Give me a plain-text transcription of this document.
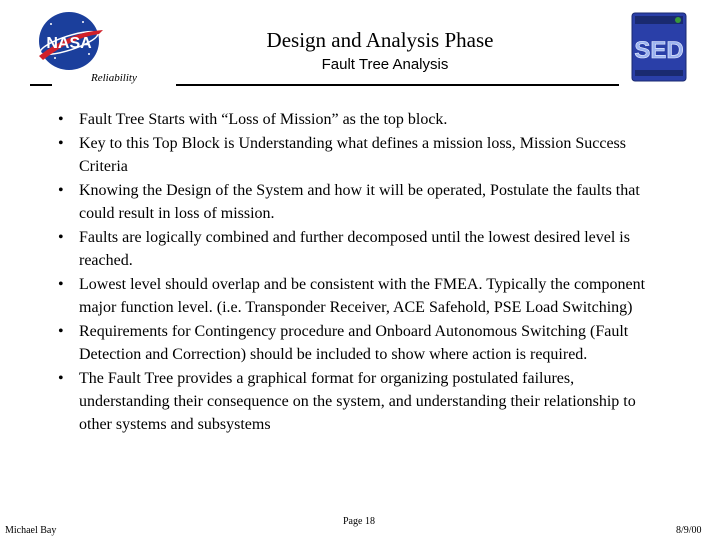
NASA	SED
Design and Analysis Phase
Fault Tree Analysis
Reliability
• Fault Tree Starts with “Loss of Mission” as the top block.
• Key to this Top Block is Understanding what defines a mission loss, Mission Success Criteria
• Knowing the Design of the System and how it will be operated, Postulate the faults that could result in loss of mission.
• Faults are logically combined and further decomposed until the lowest desired level is reached.
• Lowest level should overlap and be consistent with the FMEA. Typically the component major function level. (i.e. Transponder Receiver, ACE Safehold, PSE Load Switching)
• Requirements for Contingency procedure and Onboard Autonomous Switching (Fault Detection and Correction) should be included to show where action is required.
• The Fault Tree provides a graphical format for organizing postulated failures, understanding their consequence on the system, and understanding their relationship to other systems and subsystems
Michael Bay
Page 18
8/9/00
